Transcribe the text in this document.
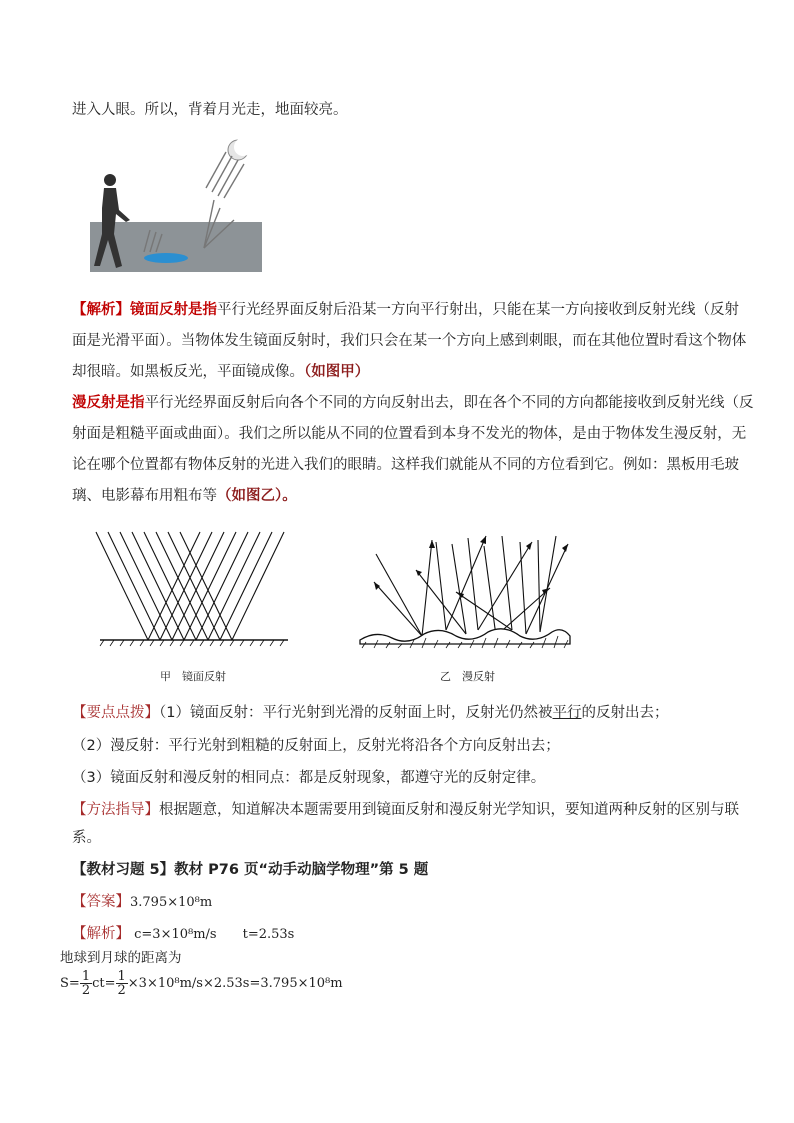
进入人眼。所以，背着月光走，地面较亮。
【解析】镜面反射是指平行光经界面反射后沿某一方向平行射出，只能在某一方向接收到反射光线（反射
面是光滑平面）。当物体发生镜面反射时，我们只会在某一个方向上感到刺眼，而在其他位置时看这个物体
却很暗。如黑板反光，平面镜成像。（如图甲）
漫反射是指平行光经界面反射后向各个不同的方向反射出去，即在各个不同的方向都能接收到反射光线（反
射面是粗糙平面或曲面）。我们之所以能从不同的位置看到本身不发光的物体，是由于物体发生漫反射，无
论在哪个位置都有物体反射的光进入我们的眼睛。这样我们就能从不同的方位看到它。例如：黑板用毛玻
璃、电影幕布用粗布等（如图乙）。
甲　镜面反射	乙　漫反射
【要点点拨】（1）镜面反射：平行光射到光滑的反射面上时，反射光仍然被平行的反射出去；
（2）漫反射：平行光射到粗糙的反射面上，反射光将沿各个方向反射出去；
（3）镜面反射和漫反射的相同点：都是反射现象，都遵守光的反射定律。
【方法指导】根据题意，知道解决本题需要用到镜面反射和漫反射光学知识，要知道两种反射的区别与联
系。
【教材习题 5】教材 P76 页“动手动脑学物理”第 5 题
【答案】3.795×10⁸m
【解析】 c=3×10⁸m/s　　t=2.53s
地球到月球的距离为
$S= \frac{1}{2} ct= \frac{1}{2} \times 3\times 10^8m/s\times 2.53s=3.795\times 10^8m$
